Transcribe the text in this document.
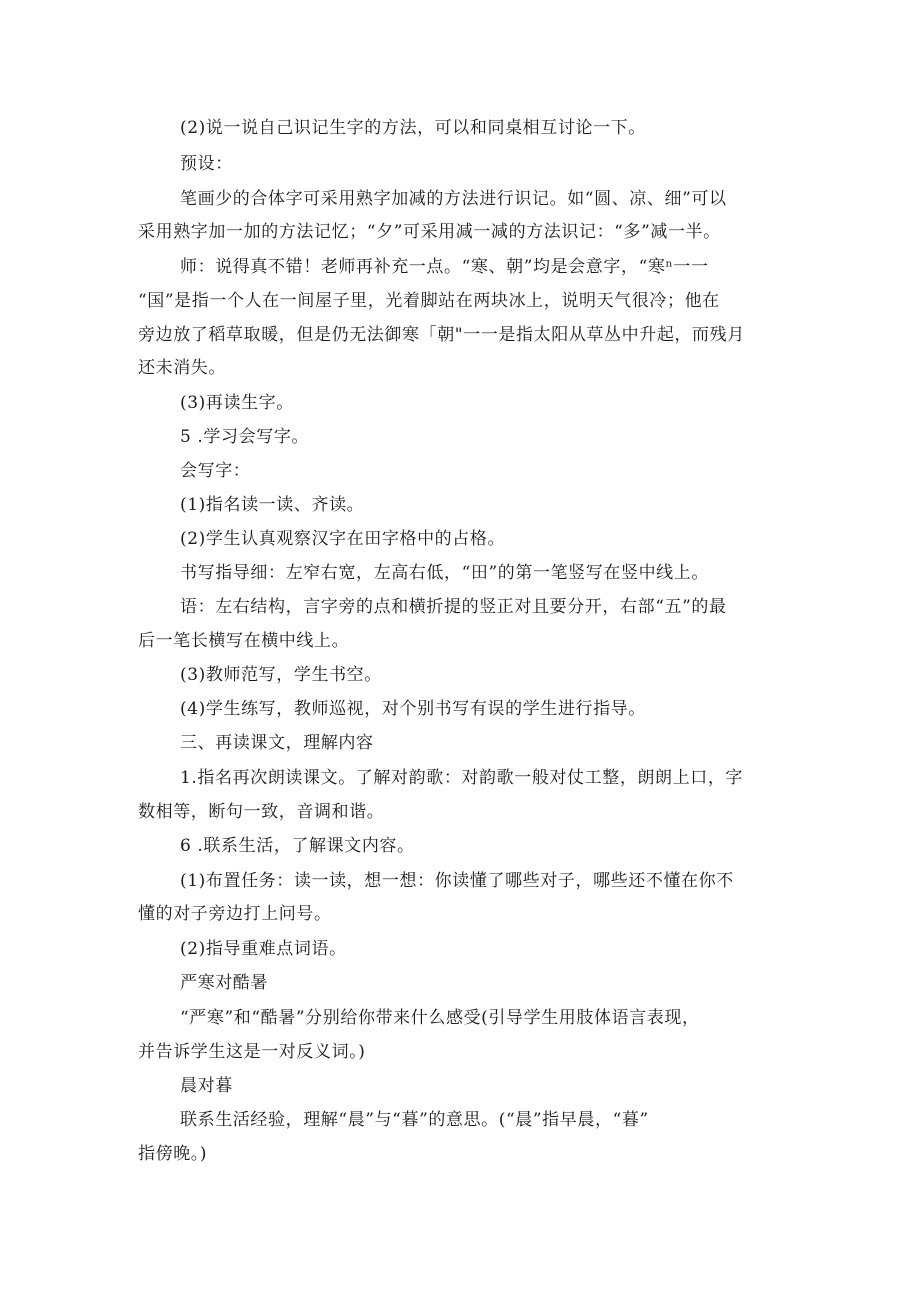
(2)说一说自己识记生字的方法，可以和同桌相互讨论一下。
预设：
笔画少的合体字可采用熟字加减的方法进行识记。如“圆、凉、细”可以
采用熟字加一加的方法记忆；“夕”可采用减一减的方法识记：“多”减一半。
师：说得真不错！老师再补充一点。“寒、朝”均是会意字，“寒ⁿ一一
“国”是指一个人在一间屋子里，光着脚站在两块冰上，说明天气很冷；他在
旁边放了稻草取暖，但是仍无法御寒「朝"一一是指太阳从草丛中升起，而残月
还未消失。
(3)再读生字。
5 .学习会写字。
会写字：
(1)指名读一读、齐读。
(2)学生认真观察汉字在田字格中的占格。
书写指导细：左窄右宽，左高右低，“田”的第一笔竖写在竖中线上。
语：左右结构，言字旁的点和横折提的竖正对且要分开，右部“五”的最
后一笔长横写在横中线上。
(3)教师范写，学生书空。
(4)学生练写，教师巡视，对个别书写有误的学生进行指导。
三、再读课文，理解内容
1.指名再次朗读课文。了解对韵歌：对韵歌一般对仗工整，朗朗上口，字
数相等，断句一致，音调和谐。
6 .联系生活，了解课文内容。
(1)布置任务：读一读，想一想：你读懂了哪些对子，哪些还不懂在你不
懂的对子旁边打上问号。
(2)指导重难点词语。
严寒对酷暑
“严寒”和“酷暑”分别给你带来什么感受(引导学生用肢体语言表现，
并告诉学生这是一对反义词。)
晨对暮
联系生活经验，理解“晨”与“暮”的意思。(“晨”指早晨，“暮”
指傍晚。)
